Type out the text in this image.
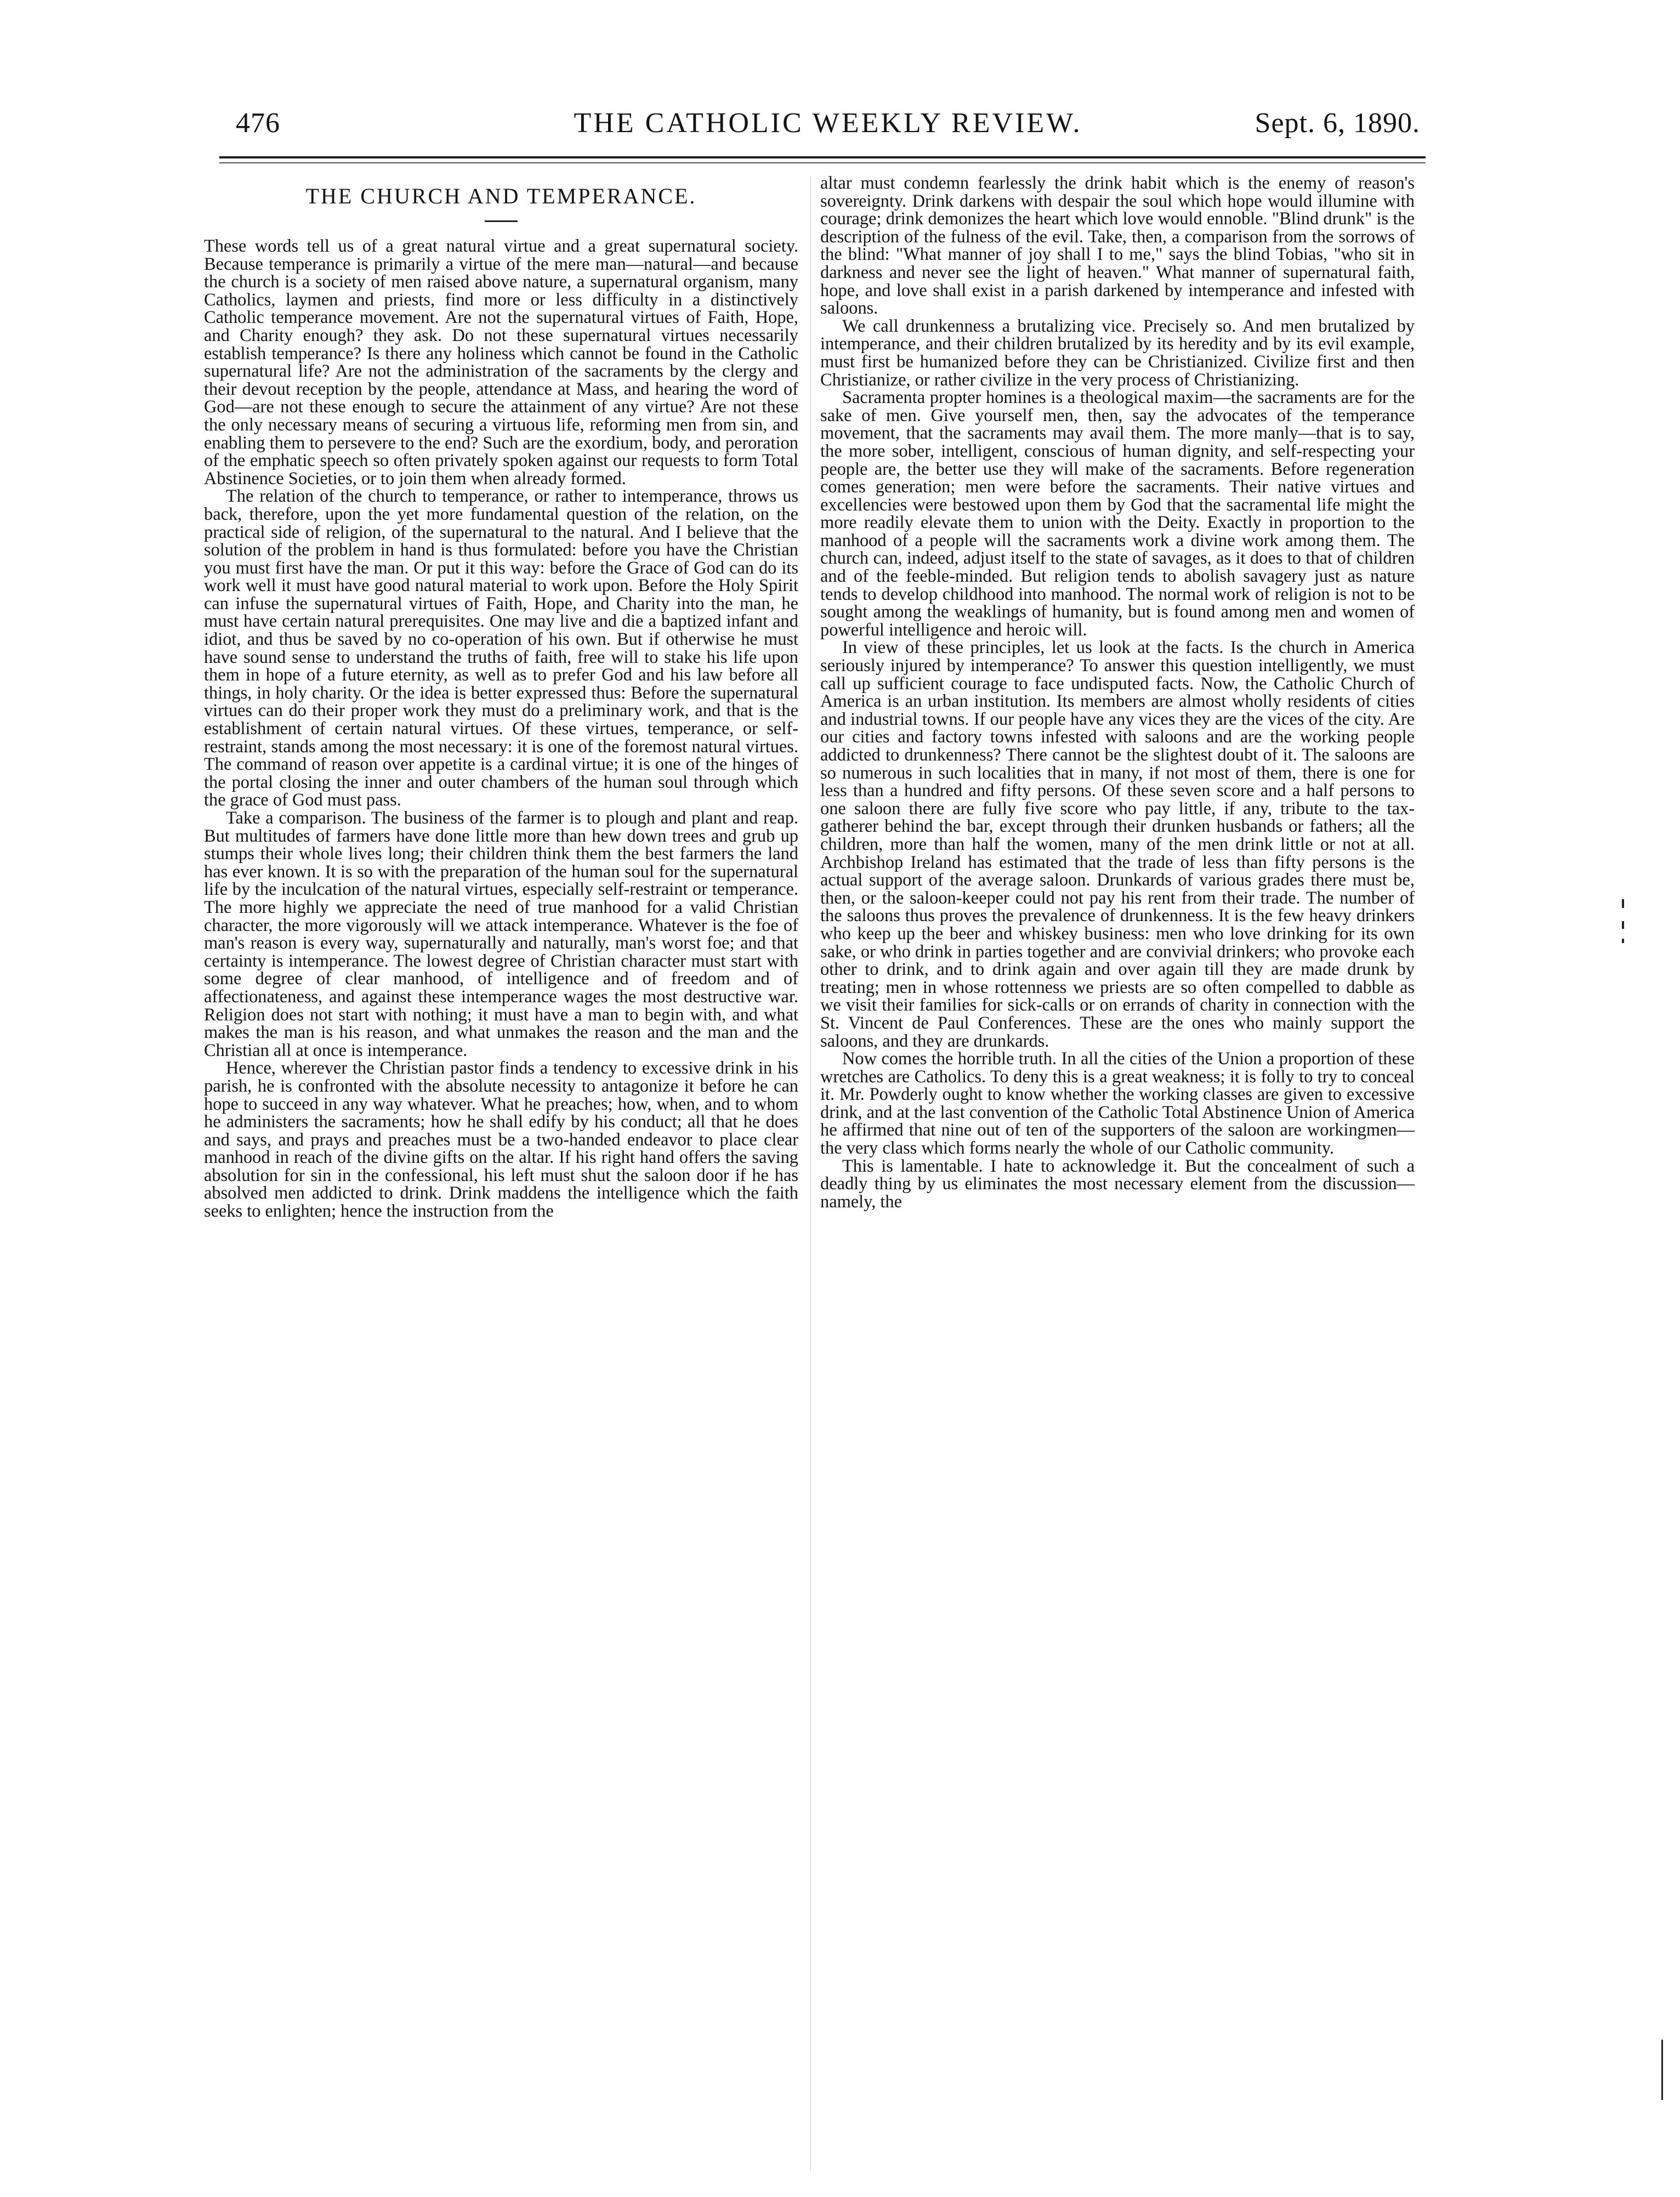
476	THE CATHOLIC WEEKLY REVIEW.	Sept. 6, 1890.
THE CHURCH AND TEMPERANCE.

These words tell us of a great natural virtue and a great supernatural society. Because temperance is primarily a virtue of the mere man—natural—and because the church is a society of men raised above nature, a supernatural organism, many Catholics, laymen and priests, find more or less difficulty in a distinctively Catholic temperance movement. Are not the supernatural virtues of Faith, Hope, and Charity enough? they ask. Do not these supernatural virtues necessarily establish temperance? Is there any holiness which cannot be found in the Catholic supernatural life? Are not the administration of the sacraments by the clergy and their devout reception by the people, attendance at Mass, and hearing the word of God—are not these enough to secure the attainment of any virtue? Are not these the only necessary means of securing a virtuous life, reforming men from sin, and enabling them to persevere to the end? Such are the exordium, body, and peroration of the emphatic speech so often privately spoken against our requests to form Total Abstinence Societies, or to join them when already formed.

The relation of the church to temperance, or rather to intemperance, throws us back, therefore, upon the yet more fundamental question of the relation, on the practical side of religion, of the supernatural to the natural. And I believe that the solution of the problem in hand is thus formulated: before you have the Christian you must first have the man. Or put it this way: before the Grace of God can do its work well it must have good natural material to work upon. Before the Holy Spirit can infuse the supernatural virtues of Faith, Hope, and Charity into the man, he must have certain natural prerequisites. One may live and die a baptized infant and idiot, and thus be saved by no co-operation of his own. But if otherwise he must have sound sense to understand the truths of faith, free will to stake his life upon them in hope of a future eternity, as well as to prefer God and his law before all things, in holy charity. Or the idea is better expressed thus: Before the supernatural virtues can do their proper work they must do a preliminary work, and that is the establishment of certain natural virtues. Of these virtues, temperance, or self-restraint, stands among the most necessary: it is one of the foremost natural virtues. The command of reason over appetite is a cardinal virtue; it is one of the hinges of the portal closing the inner and outer chambers of the human soul through which the grace of God must pass.

Take a comparison. The business of the farmer is to plough and plant and reap. But multitudes of farmers have done little more than hew down trees and grub up stumps their whole lives long; their children think them the best farmers the land has ever known. It is so with the preparation of the human soul for the supernatural life by the inculcation of the natural virtues, especially self-restraint or temperance. The more highly we appreciate the need of true manhood for a valid Christian character, the more vigorously will we attack intemperance. Whatever is the foe of man's reason is every way, supernaturally and naturally, man's worst foe; and that certainty is intemperance. The lowest degree of Christian character must start with some degree of clear manhood, of intelligence and of freedom and of affectionateness, and against these intemperance wages the most destructive war. Religion does not start with nothing; it must have a man to begin with, and what makes the man is his reason, and what unmakes the reason and the man and the Christian all at once is intemperance.

Hence, wherever the Christian pastor finds a tendency to excessive drink in his parish, he is confronted with the absolute necessity to antagonize it before he can hope to succeed in any way whatever. What he preaches; how, when, and to whom he administers the sacraments; how he shall edify by his conduct; all that he does and says, and prays and preaches must be a two-handed endeavor to place clear manhood in reach of the divine gifts on the altar. If his right hand offers the saving absolution for sin in the confessional, his left must shut the saloon door if he has absolved men addicted to drink. Drink maddens the intelligence which the faith seeks to enlighten; hence the instruction from the

altar must condemn fearlessly the drink habit which is the enemy of reason's sovereignty. Drink darkens with despair the soul which hope would illumine with courage; drink demonizes the heart which love would ennoble. "Blind drunk" is the description of the fulness of the evil. Take, then, a comparison from the sorrows of the blind: "What manner of joy shall I to me," says the blind Tobias, "who sit in darkness and never see the light of heaven." What manner of supernatural faith, hope, and love shall exist in a parish darkened by intemperance and infested with saloons.

We call drunkenness a brutalizing vice. Precisely so. And men brutalized by intemperance, and their children brutalized by its heredity and by its evil example, must first be humanized before they can be Christianized. Civilize first and then Christianize, or rather civilize in the very process of Christianizing.

Sacramenta propter homines is a theological maxim—the sacraments are for the sake of men. Give yourself men, then, say the advocates of the temperance movement, that the sacraments may avail them. The more manly—that is to say, the more sober, intelligent, conscious of human dignity, and self-respecting your people are, the better use they will make of the sacraments. Before regeneration comes generation; men were before the sacraments. Their native virtues and excellencies were bestowed upon them by God that the sacramental life might the more readily elevate them to union with the Deity. Exactly in proportion to the manhood of a people will the sacraments work a divine work among them. The church can, indeed, adjust itself to the state of savages, as it does to that of children and of the feeble-minded. But religion tends to abolish savagery just as nature tends to develop childhood into manhood. The normal work of religion is not to be sought among the weaklings of humanity, but is found among men and women of powerful intelligence and heroic will.

In view of these principles, let us look at the facts. Is the church in America seriously injured by intemperance? To answer this question intelligently, we must call up sufficient courage to face undisputed facts. Now, the Catholic Church of America is an urban institution. Its members are almost wholly residents of cities and industrial towns. If our people have any vices they are the vices of the city. Are our cities and factory towns infested with saloons and are the working people addicted to drunkenness? There cannot be the slightest doubt of it. The saloons are so numerous in such localities that in many, if not most of them, there is one for less than a hundred and fifty persons. Of these seven score and a half persons to one saloon there are fully five score who pay little, if any, tribute to the tax-gatherer behind the bar, except through their drunken husbands or fathers; all the children, more than half the women, many of the men drink little or not at all. Archbishop Ireland has estimated that the trade of less than fifty persons is the actual support of the average saloon. Drunkards of various grades there must be, then, or the saloon-keeper could not pay his rent from their trade. The number of the saloons thus proves the prevalence of drunkenness. It is the few heavy drinkers who keep up the beer and whiskey business: men who love drinking for its own sake, or who drink in parties together and are convivial drinkers; who provoke each other to drink, and to drink again and over again till they are made drunk by treating; men in whose rottenness we priests are so often compelled to dabble as we visit their families for sick-calls or on errands of charity in connection with the St. Vincent de Paul Conferences. These are the ones who mainly support the saloons, and they are drunkards.

Now comes the horrible truth. In all the cities of the Union a proportion of these wretches are Catholics. To deny this is a great weakness; it is folly to try to conceal it. Mr. Powderly ought to know whether the working classes are given to excessive drink, and at the last convention of the Catholic Total Abstinence Union of America he affirmed that nine out of ten of the supporters of the saloon are workingmen—the very class which forms nearly the whole of our Catholic community.

This is lamentable. I hate to acknowledge it. But the concealment of such a deadly thing by us eliminates the most necessary element from the discussion—namely, the
